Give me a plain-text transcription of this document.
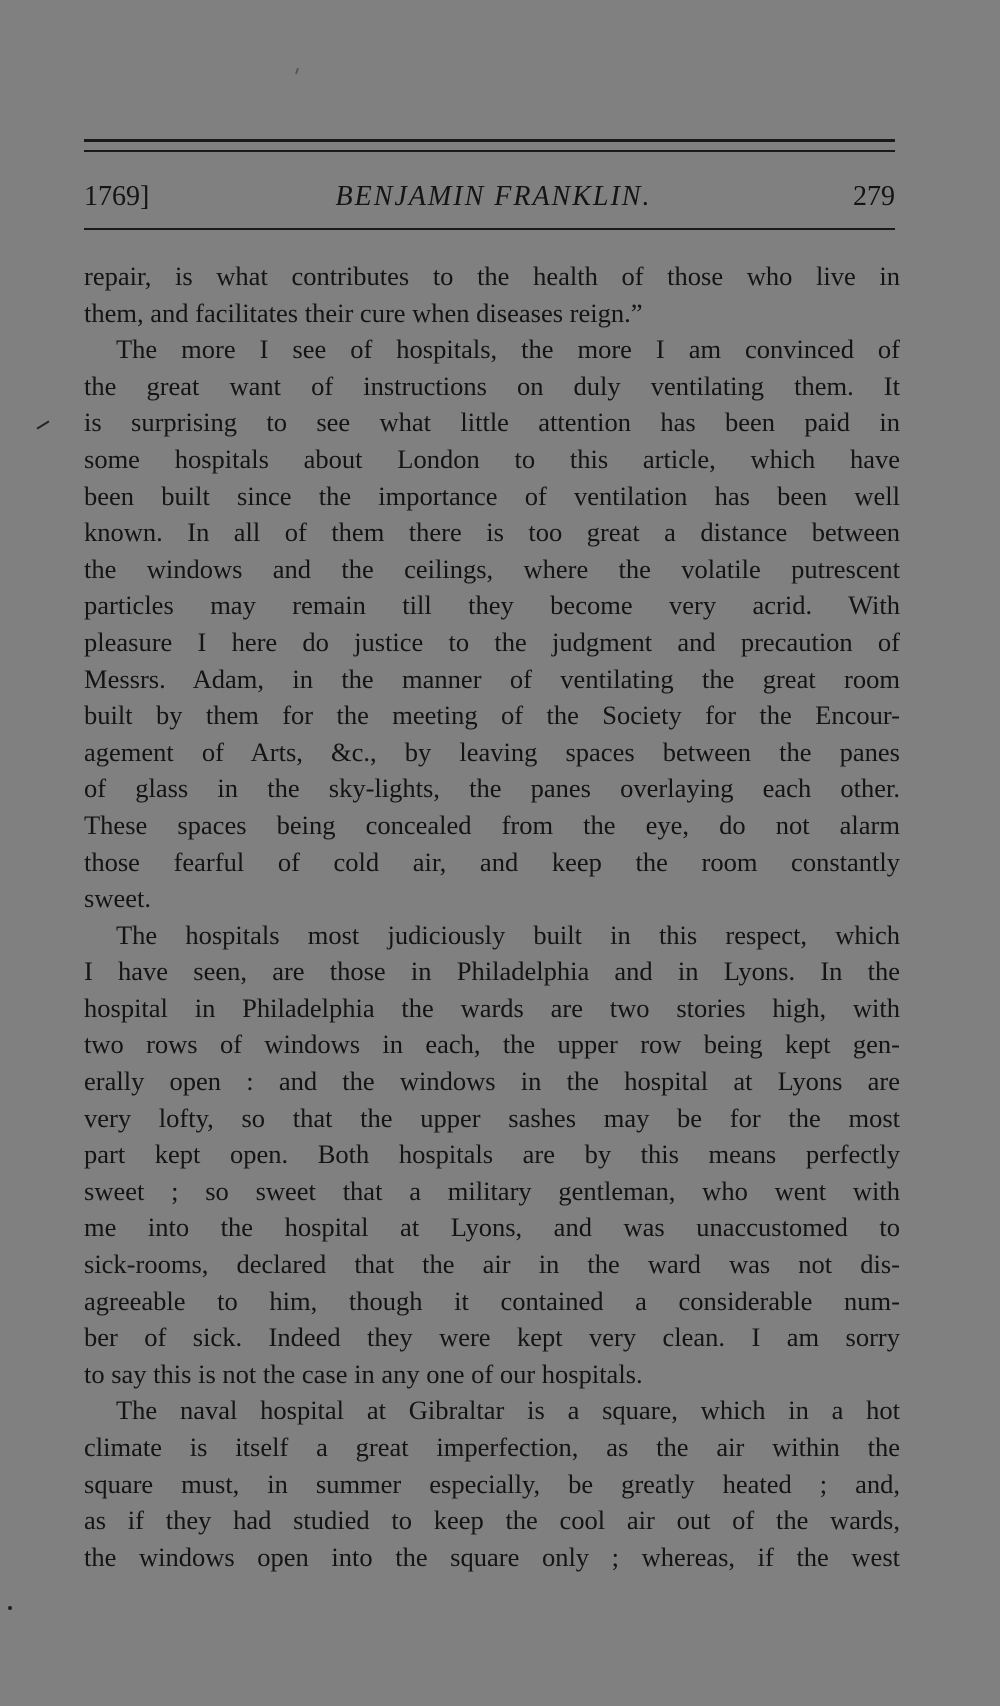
1769]	BENJAMIN FRANKLIN.	279
repair, is what contributes to the health of those who live in
them, and facilitates their cure when diseases reign.”
The more I see of hospitals, the more I am convinced of
the great want of instructions on duly ventilating them. It
is surprising to see what little attention has been paid in
some hospitals about London to this article, which have
been built since the importance of ventilation has been well
known. In all of them there is too great a distance between
the windows and the ceilings, where the volatile putrescent
particles may remain till they become very acrid. With
pleasure I here do justice to the judgment and precaution of
Messrs. Adam, in the manner of ventilating the great room
built by them for the meeting of the Society for the Encour-
agement of Arts, &c., by leaving spaces between the panes
of glass in the sky-lights, the panes overlaying each other.
These spaces being concealed from the eye, do not alarm
those fearful of cold air, and keep the room constantly
sweet.
The hospitals most judiciously built in this respect, which
I have seen, are those in Philadelphia and in Lyons. In the
hospital in Philadelphia the wards are two stories high, with
two rows of windows in each, the upper row being kept gen-
erally open : and the windows in the hospital at Lyons are
very lofty, so that the upper sashes may be for the most
part kept open. Both hospitals are by this means perfectly
sweet ; so sweet that a military gentleman, who went with
me into the hospital at Lyons, and was unaccustomed to
sick-rooms, declared that the air in the ward was not dis-
agreeable to him, though it contained a considerable num-
ber of sick. Indeed they were kept very clean. I am sorry
to say this is not the case in any one of our hospitals.
The naval hospital at Gibraltar is a square, which in a hot
climate is itself a great imperfection, as the air within the
square must, in summer especially, be greatly heated ; and,
as if they had studied to keep the cool air out of the wards,
the windows open into the square only ; whereas, if the west
